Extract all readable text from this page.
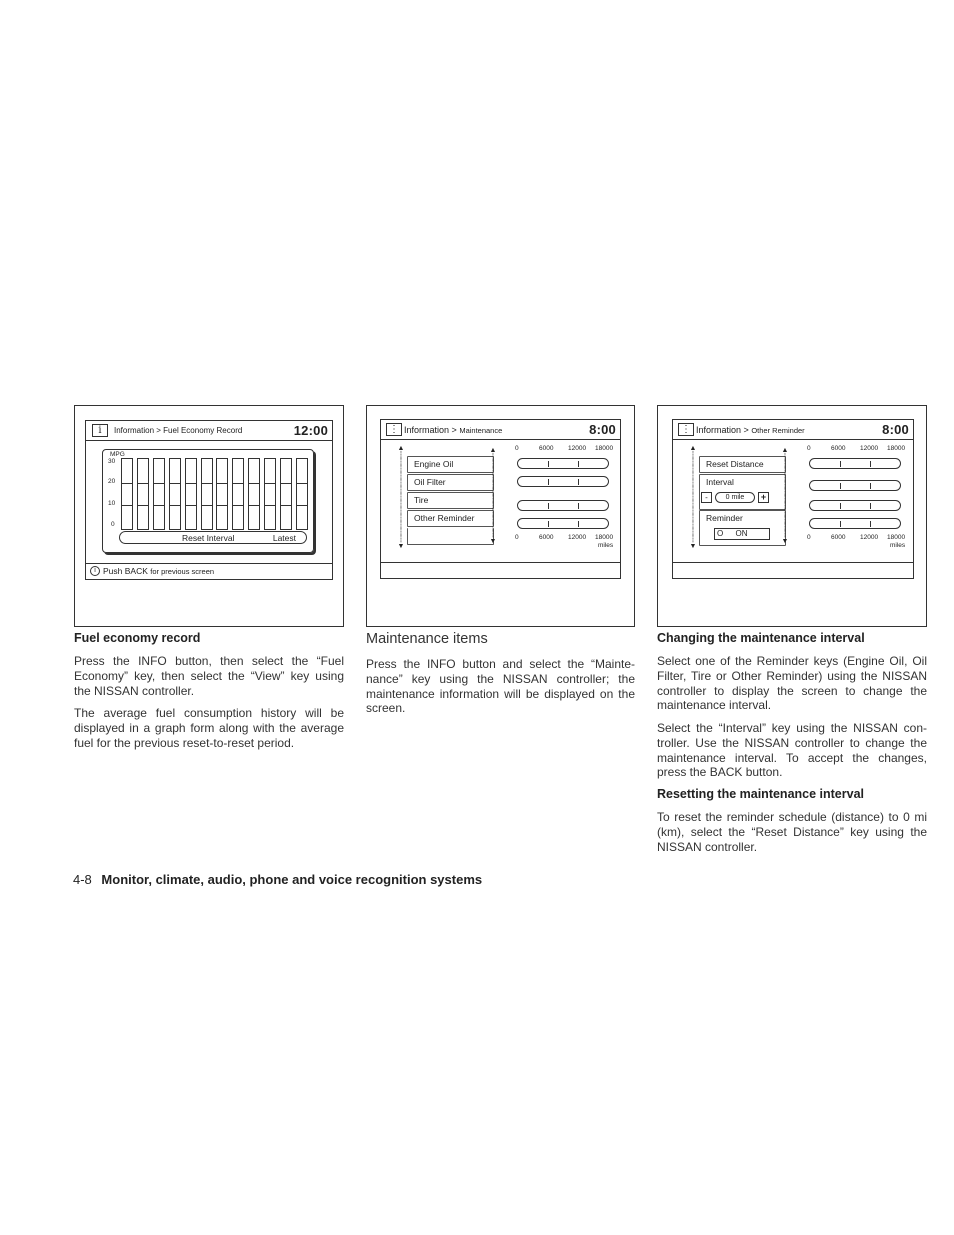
i	Information > Fuel Economy Record	12:00
MPG
30
20
10
0
Reset Interval	Latest
i Push BACK for previous screen
⋮ Information > Maintenance	8:00
▲
┆
┆
┆
┆
┆
┆
┆
┆
┆
┆
┆
┆
┆
▼
Engine Oil
Oil Filter
Tire
Other Reminder
▲
┆
┆
┆
┆
┆
┆
┆
┆
┆
┆
┆
┆
▼
0	6000 12000 18000
0	6000 12000 18000
miles
⋮ Information > Other Reminder	8:00
▲
┆
┆
┆
┆
┆
┆
┆
┆
┆
┆
┆
┆
┆
▼
Reset Distance
Interval
-	0 mile	+
Reminder
O ON
▲
┆
┆
┆
┆
┆
┆
┆
┆
┆
┆
┆
┆
▼
0	6000 12000 18000
0	6000 12000 18000
miles
Fuel economy record
Press the INFO button, then select the “Fuel Economy” key, then select the “View” key using the NISSAN controller.
The average fuel consumption history will be displayed in a graph form along with the average fuel for the previous reset-to-reset period.
Maintenance items
Press the INFO button and select the “Mainte-nance” key using the NISSAN controller; the maintenance information will be displayed on the screen.
Changing the maintenance interval
Select one of the Reminder keys (Engine Oil, Oil Filter, Tire or Other Reminder) using the NISSAN controller to display the screen to change the maintenance interval.
Select the “Interval” key using the NISSAN con-troller. Use the NISSAN controller to change the maintenance interval. To accept the changes, press the BACK button.
Resetting the maintenance interval
To reset the reminder schedule (distance) to 0 mi (km), select the “Reset Distance” key using the NISSAN controller.
4-8 Monitor, climate, audio, phone and voice recognition systems
